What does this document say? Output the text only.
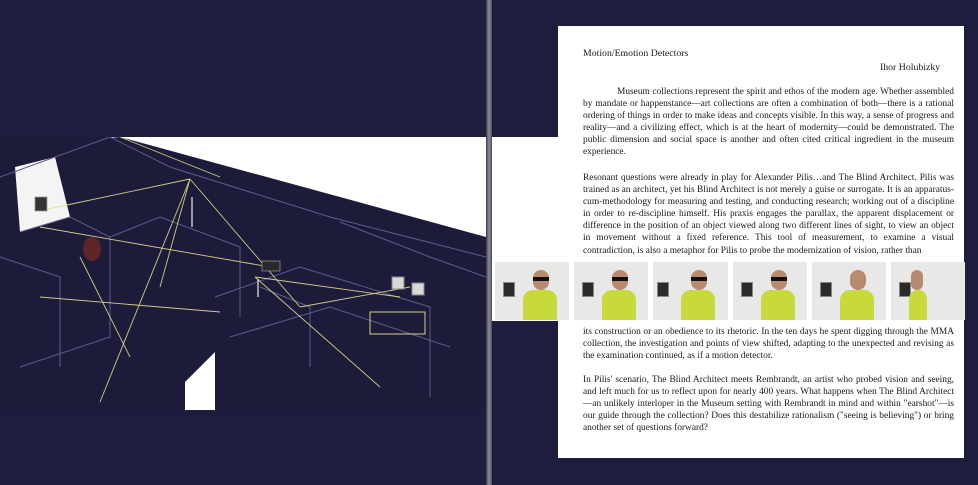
Motion/Emotion Detectors
Ihor Holubizky
Museum collections represent the spirit and ethos of the modern age. Whether assembled by mandate or happenstance—art collections are often a combination of both—there is a rational ordering of things in order to make ideas and concepts visible. In this way, a sense of progress and reality—and a civilizing effect, which is at the heart of modernity—could be demonstrated. The public dimension and social space is another and often cited critical ingredient in the museum experience.
Resonant questions were already in play for Alexander Pilis…and The Blind Architect. Pilis was trained as an architect, yet his Blind Architect is not merely a guise or surrogate. It is an apparatus-cum-methodology for measuring and testing, and conducting research; working out of a discipline in order to re-discipline himself. His praxis engages the parallax, the apparent displacement or difference in the position of an object viewed along two different lines of sight, to view an object in movement without a fixed reference. This tool of measurement, to examine a visual contradiction, is also a metaphor for Pilis to probe the modernization of vision, rather than
its construction or an obedience to its rhetoric. In the ten days he spent digging through the MMA collection, the investigation and points of view shifted, adapting to the unexpected and revising as the examination continued, as if a motion detector.
In Pilis' scenario, The Blind Architect meets Rembrandt, an artist who probed vision and seeing, and left much for us to reflect upon for nearly 400 years. What happens when The Blind Architect—an unlikely interloper in the Museum setting with Rembrandt in mind and within "earshot"—is our guide through the collection? Does this destabilize rationalism ("seeing is believing") or bring another set of questions forward?
